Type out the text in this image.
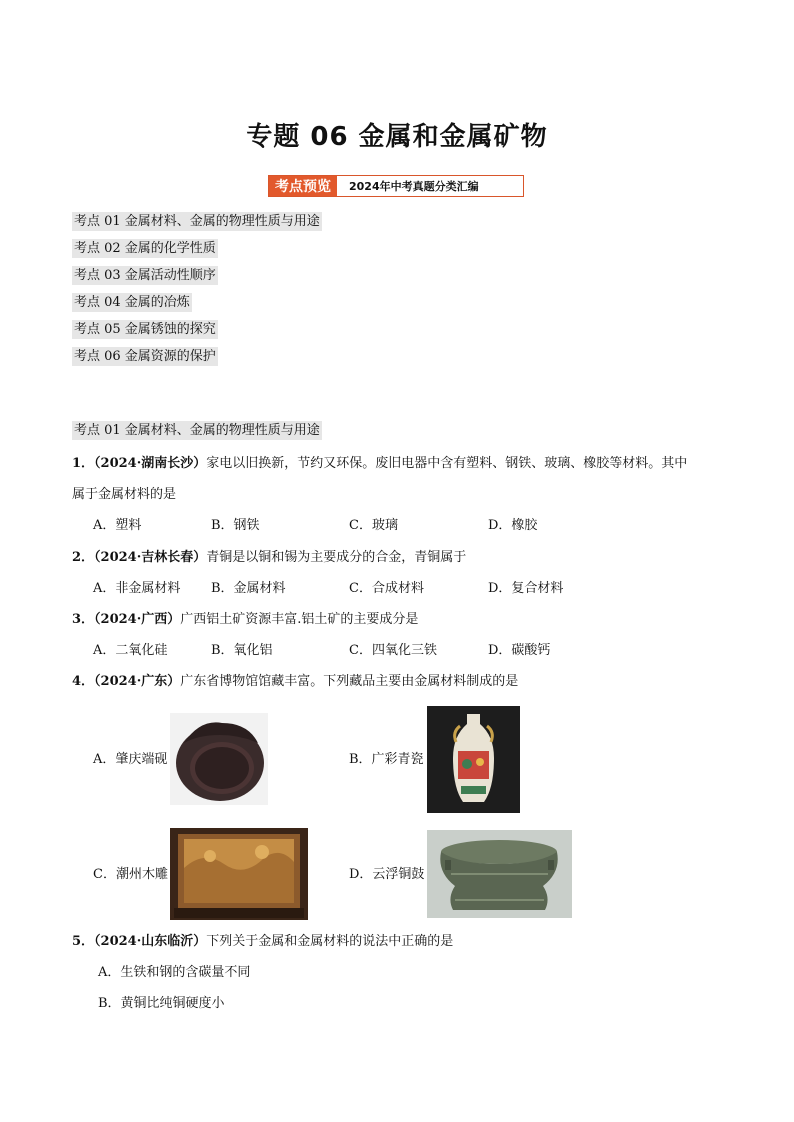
专题 06 金属和金属矿物
考点预览	2024年中考真题分类汇编
考点 01 金属材料、金属的物理性质与用途
考点 02 金属的化学性质
考点 03 金属活动性顺序
考点 04 金属的冶炼
考点 05 金属锈蚀的探究
考点 06 金属资源的保护
考点 01 金属材料、金属的物理性质与用途
1．（2024·湖南长沙）家电以旧换新，节约又环保。废旧电器中含有塑料、钢铁、玻璃、橡胶等材料。其中
属于金属材料的是
A．塑料	B．钢铁	C．玻璃	D．橡胶
2．（2024·吉林长春）青铜是以铜和锡为主要成分的合金，青铜属于
A．非金属材料 B．金属材料	C．合成材料	D．复合材料
3．（2024·广西）广西铝土矿资源丰富.铝土矿的主要成分是
A．二氧化硅	B．氧化铝	C．四氧化三铁	D．碳酸钙
4．（2024·广东）广东省博物馆馆藏丰富。下列藏品主要由金属材料制成的是
A．肇庆端砚	B．广彩青瓷
C．潮州木雕	D．云浮铜鼓
5．（2024·山东临沂）下列关于金属和金属材料的说法中正确的是
A．生铁和钢的含碳量不同
B．黄铜比纯铜硬度小
